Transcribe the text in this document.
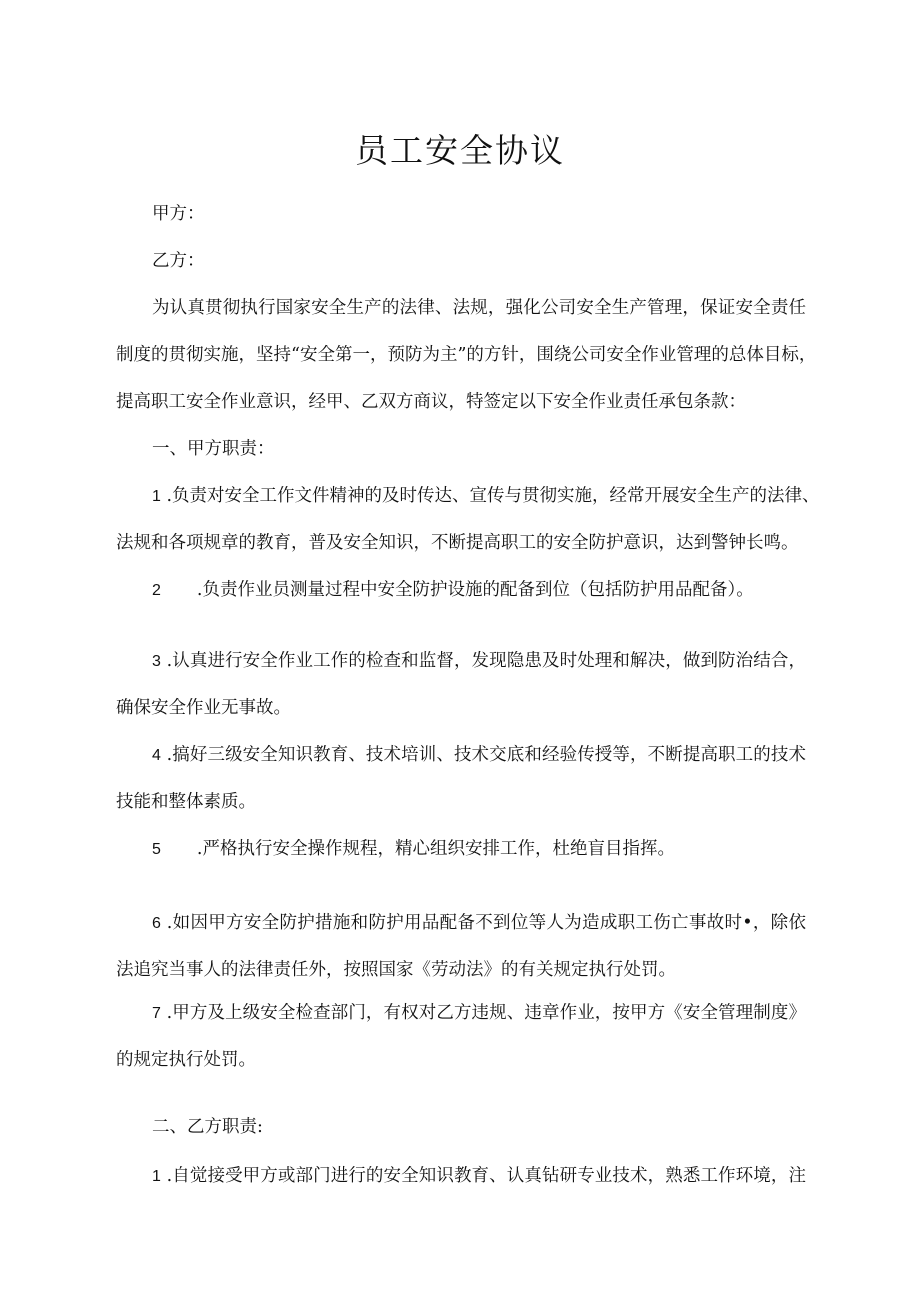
员工安全协议

甲方：

乙方：

为认真贯彻执行国家安全生产的法律、法规，强化公司安全生产管理，保证安全责任

制度的贯彻实施，坚持“安全第一，预防为主”的方针，围绕公司安全作业管理的总体目标，

提高职工安全作业意识，经甲、乙双方商议，特签定以下安全作业责任承包条款：

一、甲方职责：

1 .负责对安全工作文件精神的及时传达、宣传与贯彻实施，经常开展安全生产的法律、

法规和各项规章的教育，普及安全知识，不断提高职工的安全防护意识，达到警钟长鸣。

2 .负责作业员测量过程中安全防护设施的配备到位（包括防护用品配备）。

3 .认真进行安全作业工作的检查和监督，发现隐患及时处理和解决，做到防治结合，

确保安全作业无事故。

4 .搞好三级安全知识教育、技术培训、技术交底和经验传授等，不断提高职工的技术

技能和整体素质。

5 .严格执行安全操作规程，精心组织安排工作，杜绝盲目指挥。

6 .如因甲方安全防护措施和防护用品配备不到位等人为造成职工伤亡事故时•，除依

法追究当事人的法律责任外，按照国家《劳动法》的有关规定执行处罚。

7 .甲方及上级安全检查部门，有权对乙方违规、违章作业，按甲方《安全管理制度》

的规定执行处罚。

二、乙方职责:

1 .自觉接受甲方或部门进行的安全知识教育、认真钻研专业技术，熟悉工作环境，注
